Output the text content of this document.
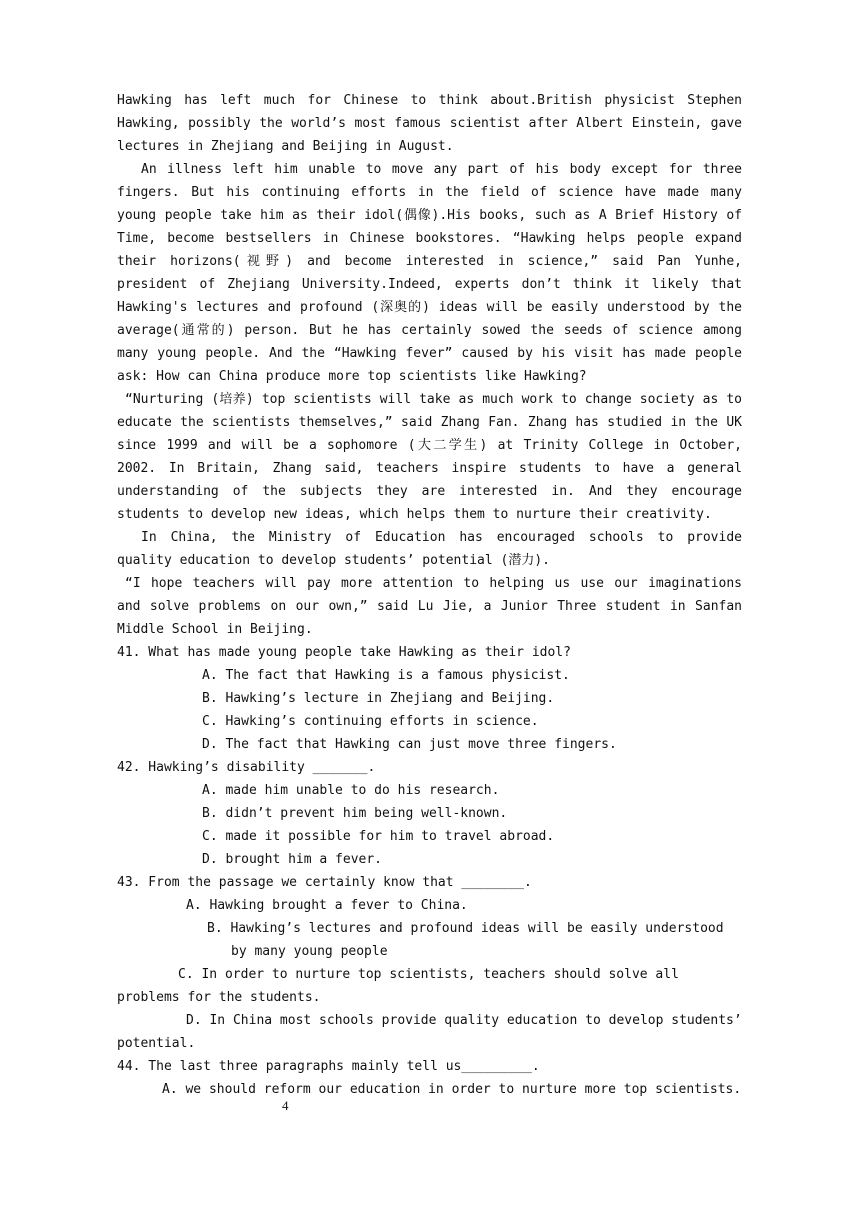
Hawking has left much for Chinese to think about.British physicist Stephen Hawking, possibly the world’s most famous scientist after Albert Einstein, gave lectures in Zhejiang and Beijing in August.

An illness left him unable to move any part of his body except for three fingers. But his continuing efforts in the field of science have made many young people take him as their idol(偶像).His books, such as A Brief History of Time, become bestsellers in Chinese bookstores. “Hawking helps people expand their horizons(视野) and become interested in science,” said Pan Yunhe, president of Zhejiang University.Indeed, experts don’t think it likely that Hawking's lectures and profound (深奥的) ideas will be easily understood by the average(通常的) person. But he has certainly sowed the seeds of science among many young people. And the “Hawking fever” caused by his visit has made people ask: How can China produce more top scientists like Hawking?

“Nurturing (培养) top scientists will take as much work to change society as to educate the scientists themselves,” said Zhang Fan. Zhang has studied in the UK since 1999 and will be a sophomore (大二学生) at Trinity College in October, 2002. In Britain, Zhang said, teachers inspire students to have a general understanding of the subjects they are interested in. And they encourage students to develop new ideas, which helps them to nurture their creativity.

In China, the Ministry of Education has encouraged schools to provide quality education to develop students’ potential (潜力).

“I hope teachers will pay more attention to helping us use our imaginations and solve problems on our own,” said Lu Jie, a Junior Three student in Sanfan Middle School in Beijing.

41. What has made young people take Hawking as their idol?

A. The fact that Hawking is a famous physicist.

B. Hawking’s lecture in Zhejiang and Beijing.

C. Hawking’s continuing efforts in science.

D. The fact that Hawking can just move three fingers.

42. Hawking’s disability _______.

A. made him unable to do his research.

B. didn’t prevent him being well-known.

C. made it possible for him to travel abroad.

D. brought him a fever.

43. From the passage we certainly know that ________.

A. Hawking brought a fever to China.

B. Hawking’s lectures and profound ideas will be easily understood by many young people

C. In order to nurture top scientists, teachers should solve all problems for the students.

D. In China most schools provide quality education to develop students’ potential.

44. The last three paragraphs mainly tell us_________.

A. we should reform our education in order to nurture more top scientists.

4
